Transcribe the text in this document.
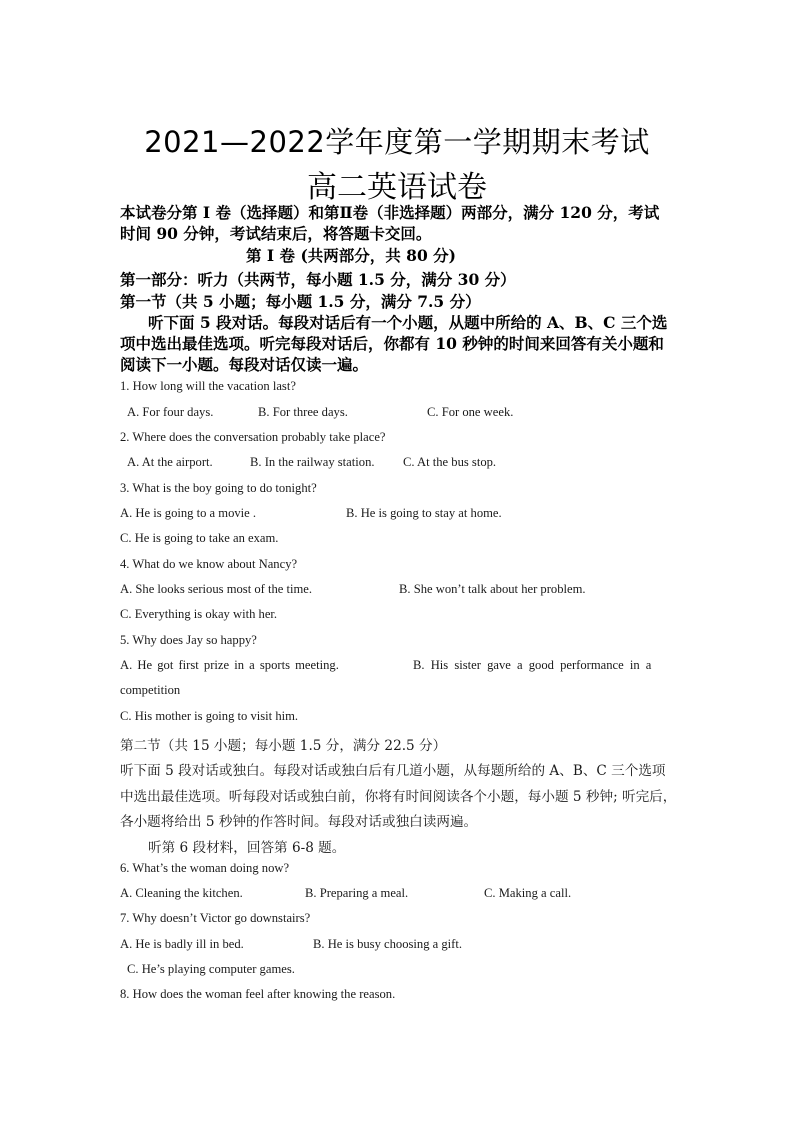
2021—2022学年度第一学期期末考试
高二英语试卷
本试卷分第 I 卷（选择题）和第Ⅱ卷（非选择题）两部分，满分 120 分，考试
时间 90 分钟，考试结束后，将答题卡交回。
第 I 卷 (共两部分，共 80 分)
第一部分：听力（共两节，每小题 1.5 分，满分 30 分）
第一节（共 5 小题；每小题 1.5 分，满分 7.5 分）
听下面 5 段对话。每段对话后有一个小题，从题中所给的 A、B、C 三个选
项中选出最佳选项。听完每段对话后，你都有 10 秒钟的时间来回答有关小题和
阅读下一小题。每段对话仅读一遍。
1. How long will the vacation last?
A. For four days.	B. For three days.	C. For one week.
2. Where does the conversation probably take place?
A. At the airport.	B. In the railway station. C. At the bus stop.
3. What is the boy going to do tonight?
A. He is going to a movie .	B. He is going to stay at home.
C. He is going to take an exam.
4. What do we know about Nancy?
A. She looks serious most of the time.	B. She won’t talk about her problem.
C. Everything is okay with her.
5. Why does Jay so happy?
A. He got first prize in a sports meeting.	B. His sister gave a good performance in a
competition
C. His mother is going to visit him.
第二节（共 15 小题；每小题 1.5 分，满分 22.5 分）
听下面 5 段对话或独白。每段对话或独白后有几道小题，从每题所给的 A、B、C 三个选项
中选出最佳选项。听每段对话或独白前，你将有时间阅读各个小题，每小题 5 秒钟; 听完后，
各小题将给出 5 秒钟的作答时间。每段对话或独白读两遍。
听第 6 段材料，回答第 6-8 题。
6. What’s the woman doing now?
A. Cleaning the kitchen.	B. Preparing a meal.	C. Making a call.
7. Why doesn’t Victor go downstairs?
A. He is badly ill in bed.	B. He is busy choosing a gift.
C. He’s playing computer games.
8. How does the woman feel after knowing the reason.
